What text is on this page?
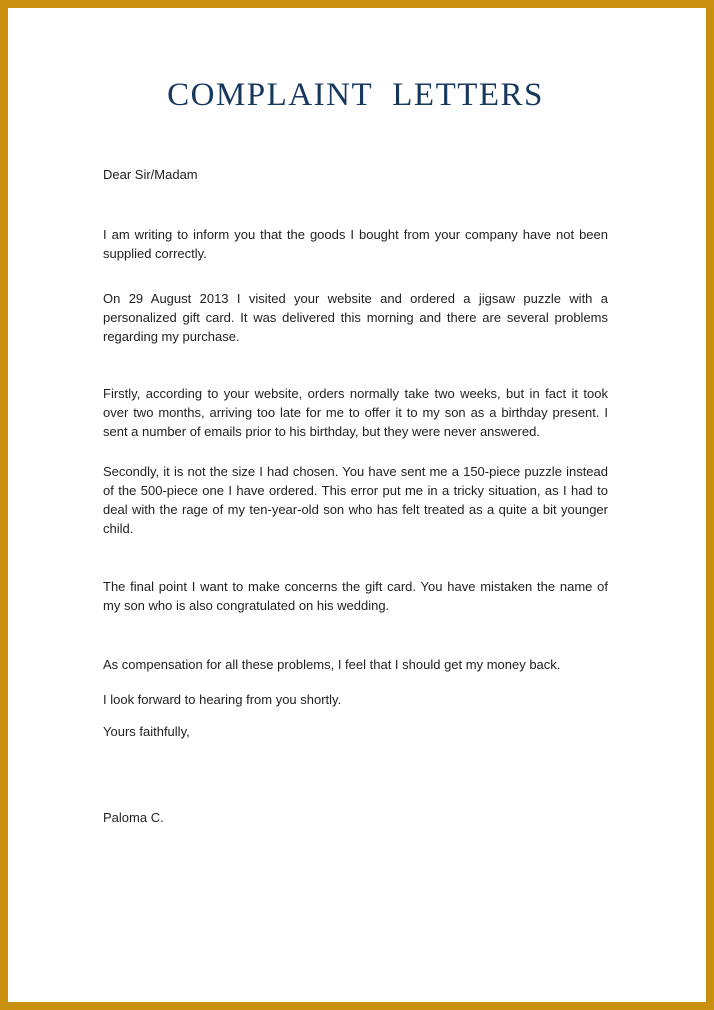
COMPLAINT LETTERS

Dear Sir/Madam

I am writing to inform you that the goods I bought from your company have not been supplied correctly.

On 29 August 2013 I visited your website and ordered a jigsaw puzzle with a personalized gift card. It was delivered this morning and there are several problems regarding my purchase.

Firstly, according to your website, orders normally take two weeks, but in fact it took over two months, arriving too late for me to offer it to my son as a birthday present. I sent a number of emails prior to his birthday, but they were never answered.

Secondly, it is not the size I had chosen. You have sent me a 150-piece puzzle instead of the 500-piece one I have ordered. This error put me in a tricky situation, as I had to deal with the rage of my ten-year-old son who has felt treated as a quite a bit younger child.

The final point I want to make concerns the gift card. You have mistaken the name of my son who is also congratulated on his wedding.

As compensation for all these problems, I feel that I should get my money back.

I look forward to hearing from you shortly.

Yours faithfully,

Paloma C.
